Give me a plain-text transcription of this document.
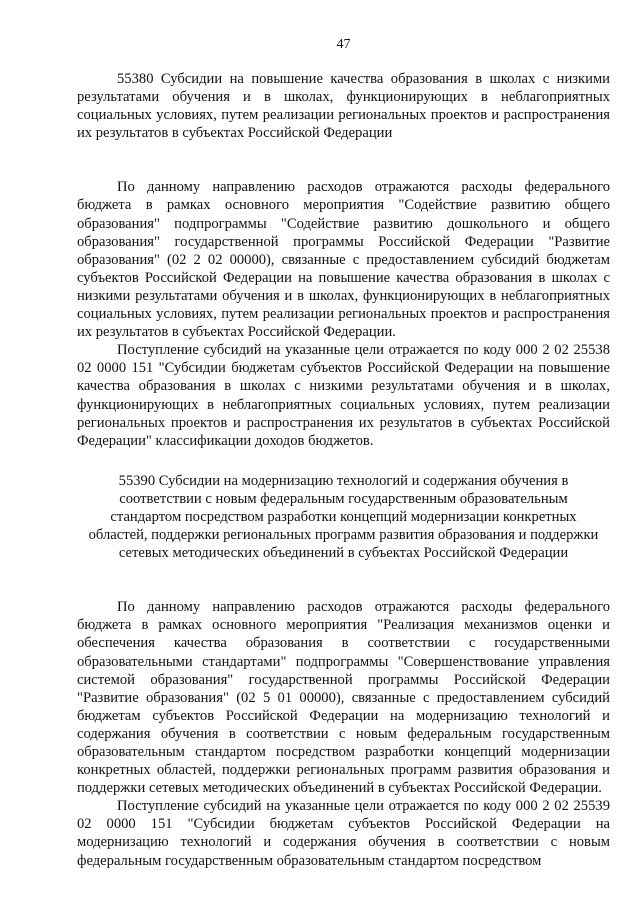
47

55380 Субсидии на повышение качества образования в школах с низкими результатами обучения и в школах, функционирующих в неблагоприятных социальных условиях, путем реализации региональных проектов и распространения их результатов в субъектах Российской Федерации

По данному направлению расходов отражаются расходы федерального бюджета в рамках основного мероприятия "Содействие развитию общего образования" подпрограммы "Содействие развитию дошкольного и общего образования" государственной программы Российской Федерации "Развитие образования" (02 2 02 00000), связанные с предоставлением субсидий бюджетам субъектов Российской Федерации на повышение качества образования в школах с низкими результатами обучения и в школах, функционирующих в неблагоприятных социальных условиях, путем реализации региональных проектов и распространения их результатов в субъектах Российской Федерации.

Поступление субсидий на указанные цели отражается по коду 000 2 02 25538 02 0000 151 "Субсидии бюджетам субъектов Российской Федерации на повышение качества образования в школах с низкими результатами обучения и в школах, функционирующих в неблагоприятных социальных условиях, путем реализации региональных проектов и распространения их результатов в субъектах Российской Федерации" классификации доходов бюджетов.

55390 Субсидии на модернизацию технологий и содержания обучения в соответствии с новым федеральным государственным образовательным стандартом посредством разработки концепций модернизации конкретных областей, поддержки региональных программ развития образования и поддержки сетевых методических объединений в субъектах Российской Федерации

По данному направлению расходов отражаются расходы федерального бюджета в рамках основного мероприятия "Реализация механизмов оценки и обеспечения качества образования в соответствии с государственными образовательными стандартами" подпрограммы "Совершенствование управления системой образования" государственной программы Российской Федерации "Развитие образования" (02 5 01 00000), связанные с предоставлением субсидий бюджетам субъектов Российской Федерации на модернизацию технологий и содержания обучения в соответствии с новым федеральным государственным образовательным стандартом посредством разработки концепций модернизации конкретных областей, поддержки региональных программ развития образования и поддержки сетевых методических объединений в субъектах Российской Федерации.

Поступление субсидий на указанные цели отражается по коду 000 2 02 25539 02 0000 151 "Субсидии бюджетам субъектов Российской Федерации на модернизацию технологий и содержания обучения в соответствии с новым федеральным государственным образовательным стандартом посредством
